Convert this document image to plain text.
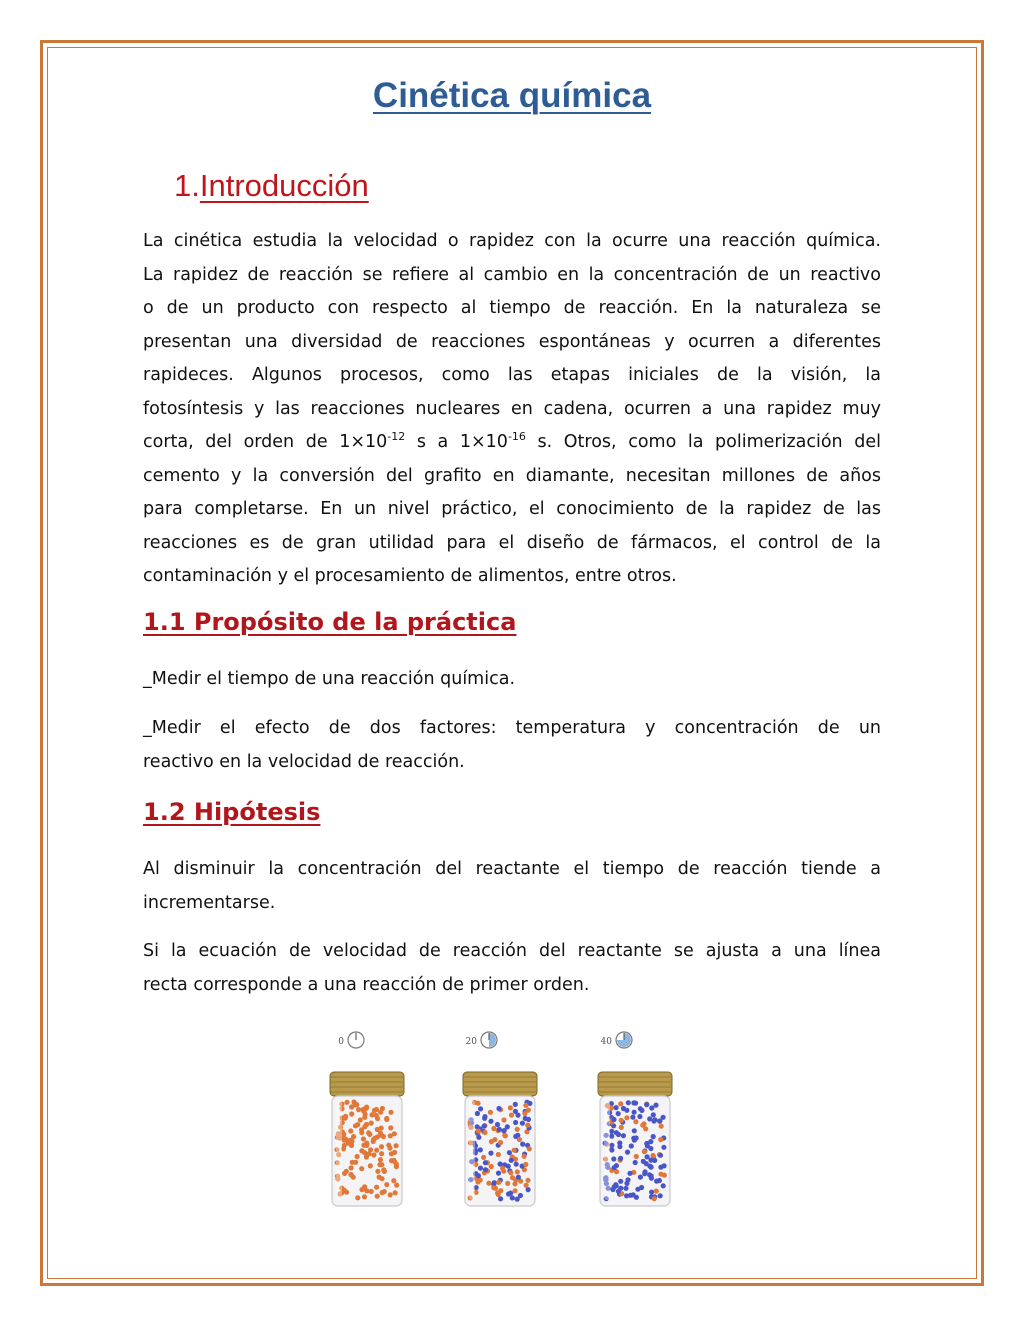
Cinética química
1.Introducción
La cinética estudia la velocidad o rapidez con la ocurre una reacción química.
La rapidez de reacción se refiere al cambio en la concentración de un reactivo
o de un producto con respecto al tiempo de reacción. En la naturaleza se
presentan una diversidad de reacciones espontáneas y ocurren a diferentes
rapideces. Algunos procesos, como las etapas iniciales de la visión, la
fotosíntesis y las reacciones nucleares en cadena, ocurren a una rapidez muy
corta, del orden de $1\times 10^{-12}$ s a $1\times 10^{-16}$ s. Otros, como la polimerización del
cemento y la conversión del grafito en diamante, necesitan millones de años
para completarse. En un nivel práctico, el conocimiento de la rapidez de las
reacciones es de gran utilidad para el diseño de fármacos, el control de la
contaminación y el procesamiento de alimentos, entre otros.
1.1 Propósito de la práctica
_Medir el tiempo de una reacción química.
_Medir el efecto de dos factores: temperatura y concentración de un
reactivo en la velocidad de reacción.
1.2 Hipótesis
Al disminuir la concentración del reactante el tiempo de reacción tiende a
incrementarse.
Si la ecuación de velocidad de reacción del reactante se ajusta a una línea
recta corresponde a una reacción de primer orden.
0	20	40
